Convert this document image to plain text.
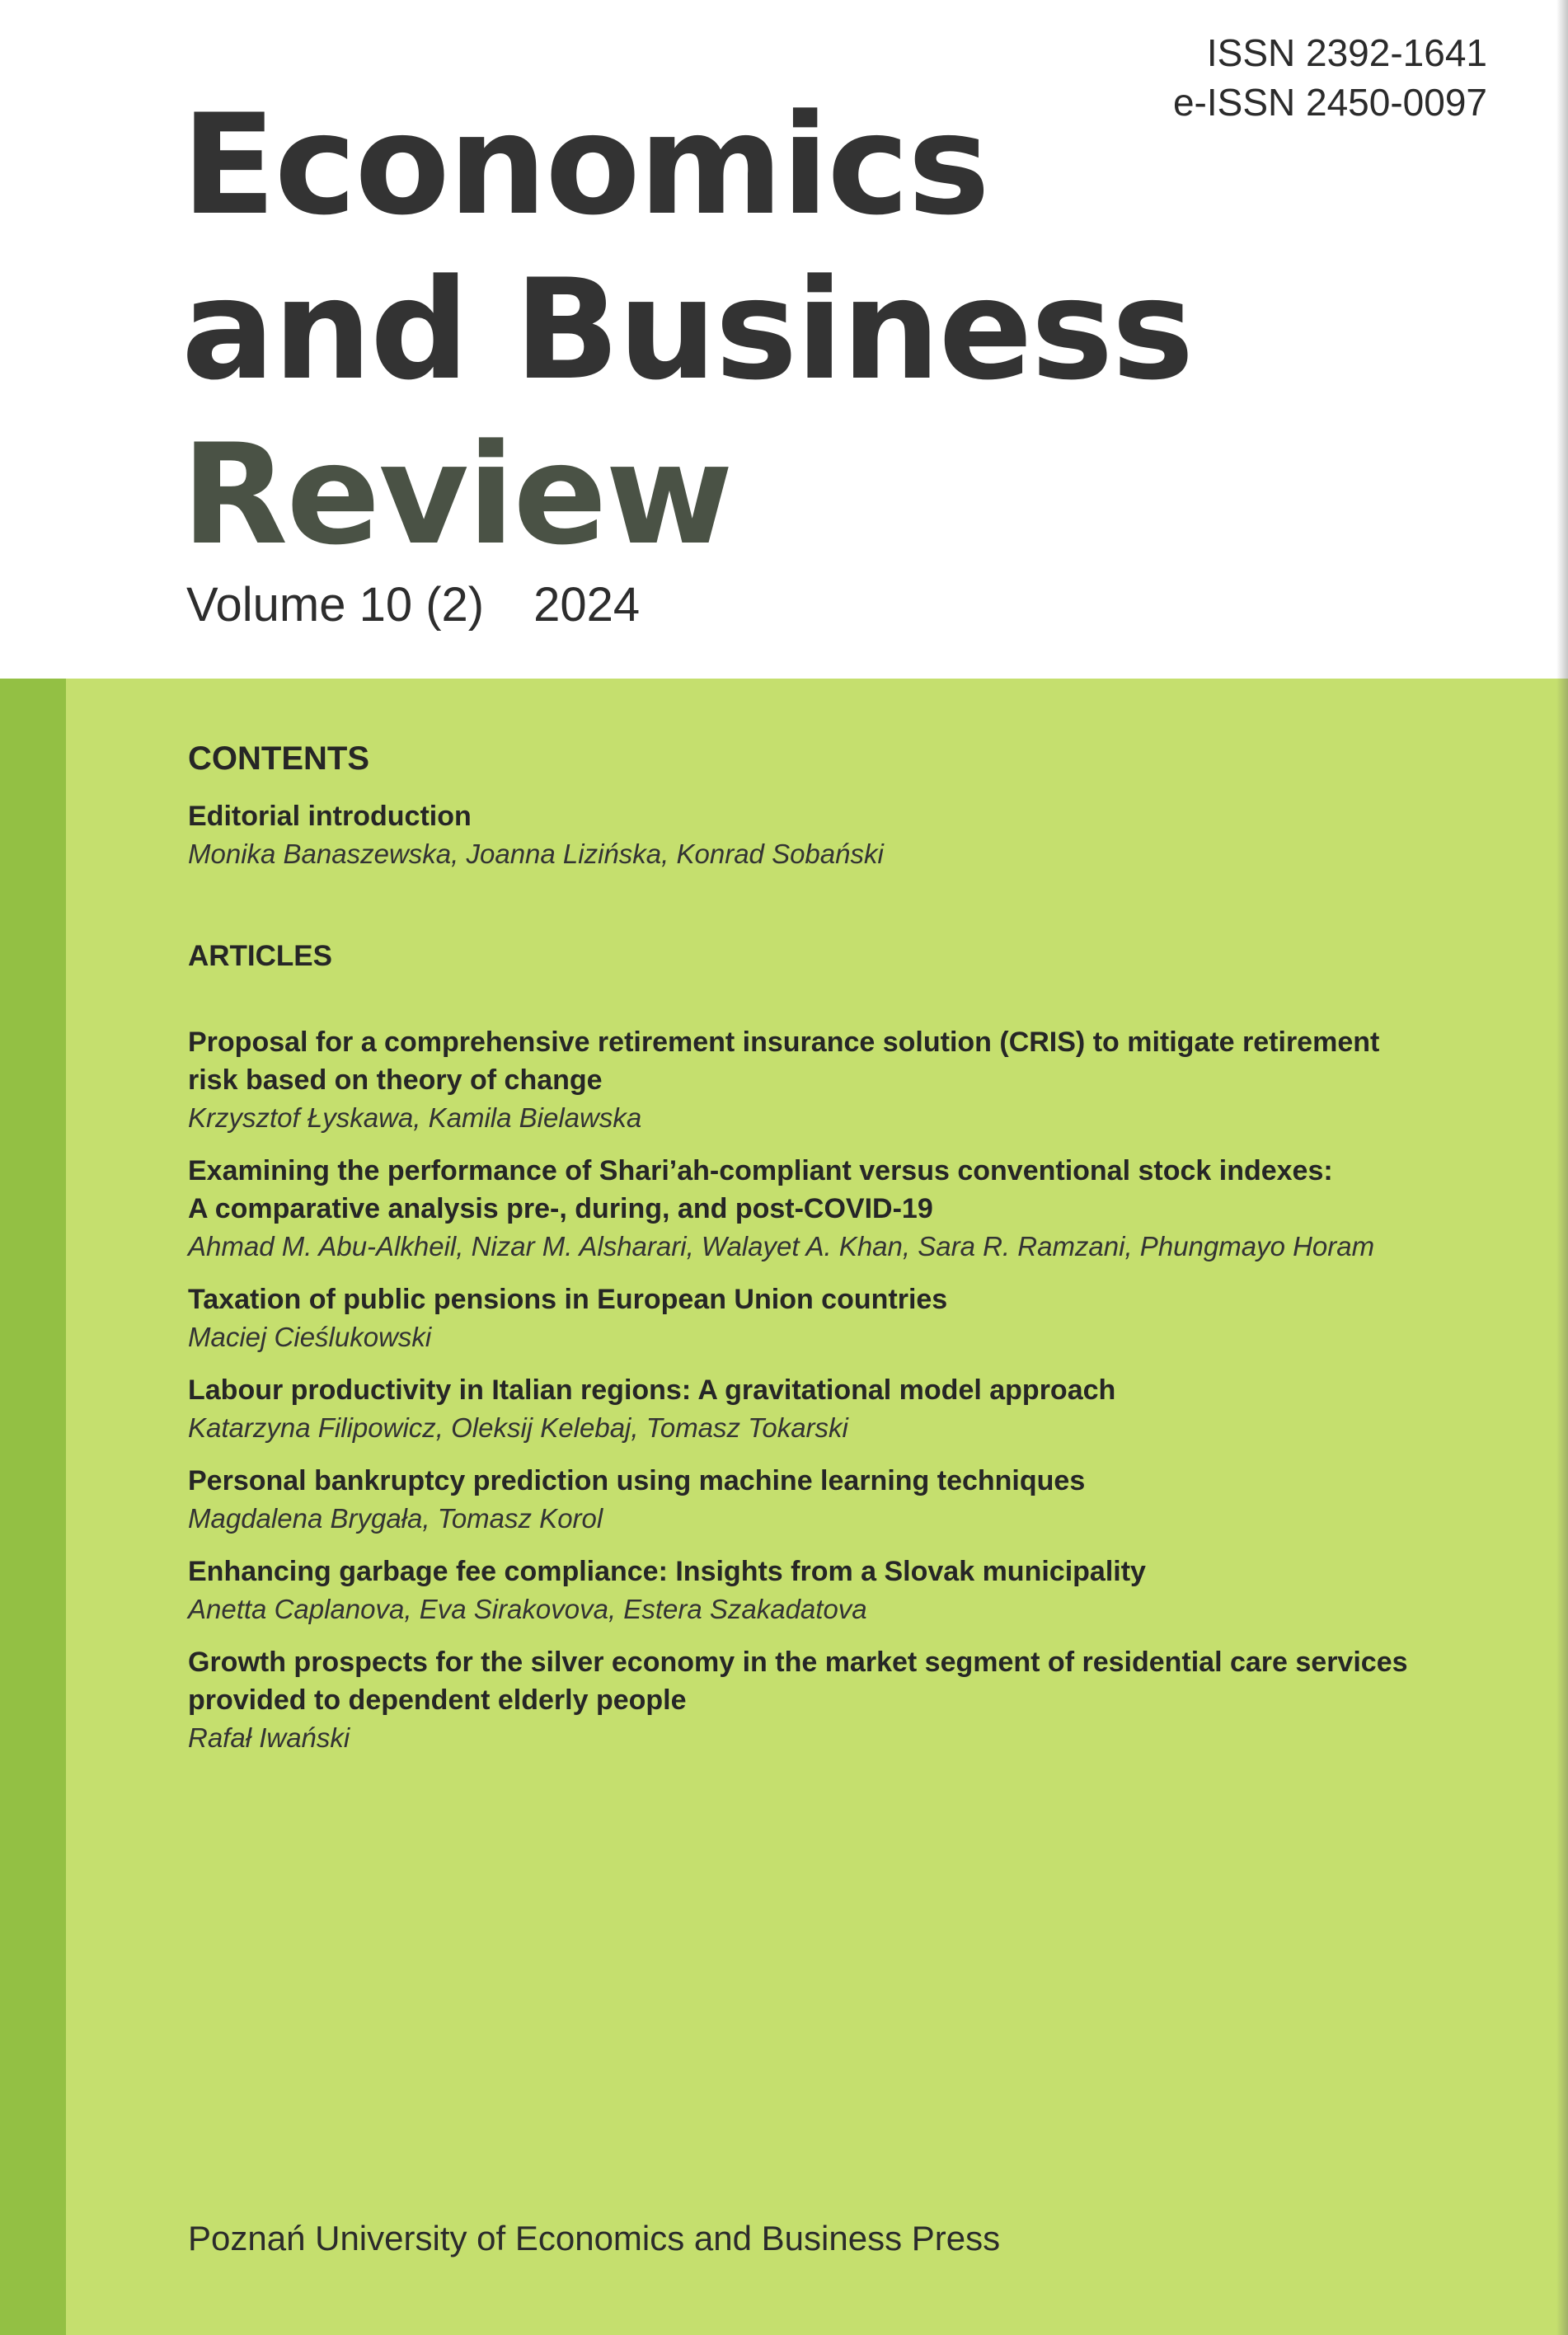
ISSN 2392-1641
e-ISSN 2450-0097
Economics
and Business
Review
Volume 10 (2) 2024
CONTENTS
Editorial introduction
Monika Banaszewska, Joanna Lizińska, Konrad Sobański
ARTICLES
Proposal for a comprehensive retirement insurance solution (CRIS) to mitigate retirement
risk based on theory of change
Krzysztof Łyskawa, Kamila Bielawska
Examining the performance of Shari’ah-compliant versus conventional stock indexes:
A comparative analysis pre-, during, and post-COVID-19
Ahmad M. Abu-Alkheil, Nizar M. Alsharari, Walayet A. Khan, Sara R. Ramzani, Phungmayo Horam
Taxation of public pensions in European Union countries
Maciej Cieślukowski
Labour productivity in Italian regions: A gravitational model approach
Katarzyna Filipowicz, Oleksij Kelebaj, Tomasz Tokarski
Personal bankruptcy prediction using machine learning techniques
Magdalena Brygała, Tomasz Korol
Enhancing garbage fee compliance: Insights from a Slovak municipality
Anetta Caplanova, Eva Sirakovova, Estera Szakadatova
Growth prospects for the silver economy in the market segment of residential care services
provided to dependent elderly people
Rafał Iwański
Poznań University of Economics and Business Press
